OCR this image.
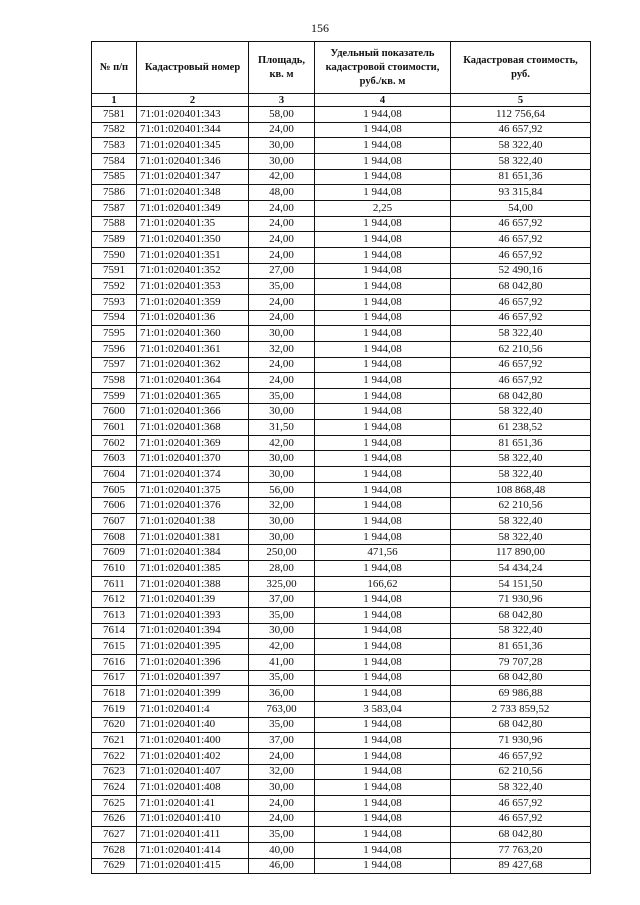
156
№ п/п	Кадастровый номер	Площадь, кв. м	Удельный показатель кадастровой стоимости, руб./кв. м	Кадастровая стоимость, руб.
1	2	3	4	5
7581	71:01:020401:343	58,00	1 944,08	112 756,64
7582	71:01:020401:344	24,00	1 944,08	46 657,92
7583	71:01:020401:345	30,00	1 944,08	58 322,40
7584	71:01:020401:346	30,00	1 944,08	58 322,40
7585	71:01:020401:347	42,00	1 944,08	81 651,36
7586	71:01:020401:348	48,00	1 944,08	93 315,84
7587	71:01:020401:349	24,00	2,25	54,00
7588	71:01:020401:35	24,00	1 944,08	46 657,92
7589	71:01:020401:350	24,00	1 944,08	46 657,92
7590	71:01:020401:351	24,00	1 944,08	46 657,92
7591	71:01:020401:352	27,00	1 944,08	52 490,16
7592	71:01:020401:353	35,00	1 944,08	68 042,80
7593	71:01:020401:359	24,00	1 944,08	46 657,92
7594	71:01:020401:36	24,00	1 944,08	46 657,92
7595	71:01:020401:360	30,00	1 944,08	58 322,40
7596	71:01:020401:361	32,00	1 944,08	62 210,56
7597	71:01:020401:362	24,00	1 944,08	46 657,92
7598	71:01:020401:364	24,00	1 944,08	46 657,92
7599	71:01:020401:365	35,00	1 944,08	68 042,80
7600	71:01:020401:366	30,00	1 944,08	58 322,40
7601	71:01:020401:368	31,50	1 944,08	61 238,52
7602	71:01:020401:369	42,00	1 944,08	81 651,36
7603	71:01:020401:370	30,00	1 944,08	58 322,40
7604	71:01:020401:374	30,00	1 944,08	58 322,40
7605	71:01:020401:375	56,00	1 944,08	108 868,48
7606	71:01:020401:376	32,00	1 944,08	62 210,56
7607	71:01:020401:38	30,00	1 944,08	58 322,40
7608	71:01:020401:381	30,00	1 944,08	58 322,40
7609	71:01:020401:384	250,00	471,56	117 890,00
7610	71:01:020401:385	28,00	1 944,08	54 434,24
7611	71:01:020401:388	325,00	166,62	54 151,50
7612	71:01:020401:39	37,00	1 944,08	71 930,96
7613	71:01:020401:393	35,00	1 944,08	68 042,80
7614	71:01:020401:394	30,00	1 944,08	58 322,40
7615	71:01:020401:395	42,00	1 944,08	81 651,36
7616	71:01:020401:396	41,00	1 944,08	79 707,28
7617	71:01:020401:397	35,00	1 944,08	68 042,80
7618	71:01:020401:399	36,00	1 944,08	69 986,88
7619	71:01:020401:4	763,00	3 583,04	2 733 859,52
7620	71:01:020401:40	35,00	1 944,08	68 042,80
7621	71:01:020401:400	37,00	1 944,08	71 930,96
7622	71:01:020401:402	24,00	1 944,08	46 657,92
7623	71:01:020401:407	32,00	1 944,08	62 210,56
7624	71:01:020401:408	30,00	1 944,08	58 322,40
7625	71:01:020401:41	24,00	1 944,08	46 657,92
7626	71:01:020401:410	24,00	1 944,08	46 657,92
7627	71:01:020401:411	35,00	1 944,08	68 042,80
7628	71:01:020401:414	40,00	1 944,08	77 763,20
7629	71:01:020401:415	46,00	1 944,08	89 427,68
